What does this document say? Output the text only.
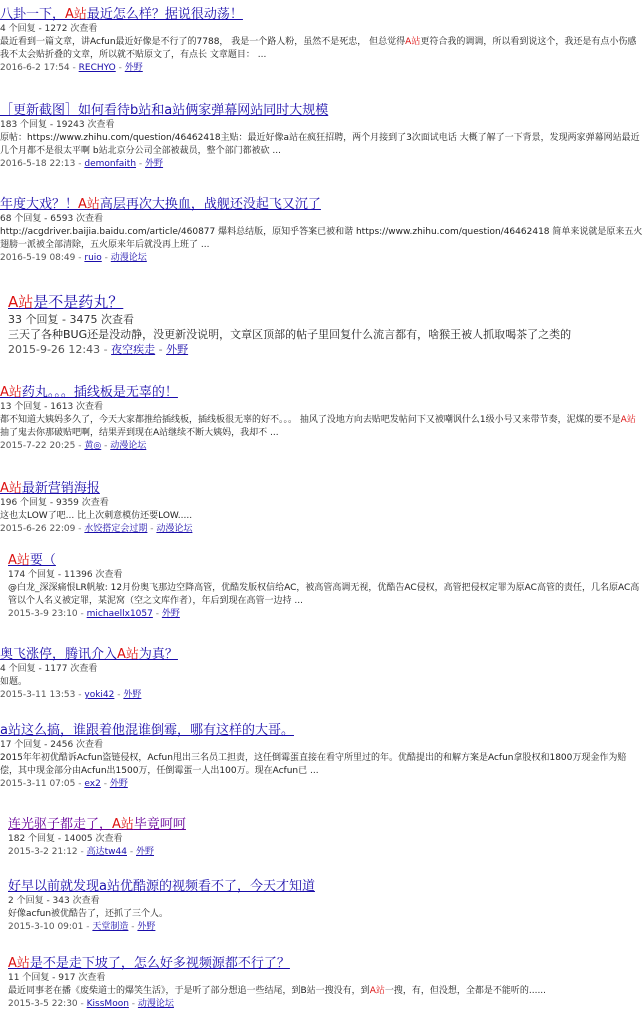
八卦一下，A站最近怎么样？据说很动荡！
4 个回复 - 1272 次查看
最近看到一篇文章，讲Acfun最近好像是不行了的7788， 我是一个路人粉，虽然不是死忠， 但总觉得A站更符合我的调调，所以看到说这个，我还是有点小伤感 我不太会贴折叠的文章，所以就不贴原文了，有点长 文章题目： ...
2016-6-2 17:54 - RECHYO - 外野
［更新截图］如何看待b站和a站俩家弹幕网站同时大规模
183 个回复 - 19243 次查看
原帖：https://www.zhihu.com/question/46462418主贴：最近好像a站在疯狂招聘，两个月接到了3次面试电话 大概了解了一下背景，发现两家弹幕网站最近几个月都不是很太平啊 b站北京分公司全部被裁员，整个部门都被砍 ...
2016-5-18 22:13 - demonfaith - 外野
年度大戏？！A站高层再次大换血，战舰还没起飞又沉了
68 个回复 - 6593 次查看
http://acgdriver.baijia.baidu.com/article/460877 爆料总结版，原知乎答案已被和谐 https://www.zhihu.com/question/46462418 简单来说就是原来五火翅膀一派被全部清除，五火原来年后就没再上班了 ...
2016-5-19 08:49 - ruio - 动漫论坛
A站是不是药丸？
33 个回复 - 3475 次查看
三天了各种BUG还是没动静，没更新没说明，文章区顶部的帖子里回复什么流言都有，啥猴王被人抓取喝茶了之类的
2015-9-26 12:43 - 夜空疾走 - 外野
A站药丸。。。插线板是无辜的！
13 个回复 - 1613 次查看
都不知道大姨妈多久了，今天大家都推给插线板，插线板很无辜的好不。。。 抽风了没地方向去贴吧发帖问下又被嘲讽什么1级小号又来带节奏，泥煤的要不是A站抽了鬼去你那破贴吧啊，结果弄到现在A站继续不断大姨妈，我却不 ...
2015-7-22 20:25 - 黄◎ - 动漫论坛
A站最新营销海报
196 个回复 - 9359 次查看
这也太LOW了吧... 比上次刺意模仿还要LOW.....
2015-6-26 22:09 - 水饺搭定会过期 - 动漫论坛
A站要（
174 个回复 - 11396 次查看
@白龙_深深痛恨LR帆敏: 12月份奥飞那边空降高管，优酷发版权信给AC，被高管高调无视，优酷告AC侵权，高管把侵权定罪为原AC高管的责任，几名原AC高管以个人名义被定罪，某泥窝（空之文库作者），年后到现在高管一边持 ...
2015-3-9 23:10 - michaellx1057 - 外野
奥飞涨停，腾讯介入A站为真？
4 个回复 - 1177 次查看
如题。
2015-3-11 13:53 - yoki42 - 外野
a站这么搞，谁跟着他混谁倒霉，哪有这样的大哥。
17 个回复 - 2456 次查看
2015年年初优酷诉Acfun盗链侵权，Acfun甩出三名员工担责，这任倒霉蛋直接在看守所里过的年。优酷提出的和解方案是Acfun拿股权和1800万现金作为赔偿，其中现金部分由Acfun出1500万，任倒霉蛋一人出100万。现在Acfun已 ...
2015-3-11 07:05 - ex2 - 外野
连光驱子都走了，A站毕竟呵呵
182 个回复 - 14005 次查看
2015-3-2 21:12 - 高达tw44 - 外野
好早以前就发现a站优酷源的视频看不了，今天才知道
2 个回复 - 343 次查看
好像acfun被优酷告了，还抓了三个人。
2015-3-10 09:01 - 天堂制造 - 外野
A站是不是走下坡了，怎么好多视频源都不行了？
11 个回复 - 917 次查看
最近同事老在播《废柴道士的爆笑生活》，于是听了部分想追一些结尾，到B站一搜没有，到A站一搜，有，但没想，全都是不能听的......
2015-3-5 22:30 - KissMoon - 动漫论坛
